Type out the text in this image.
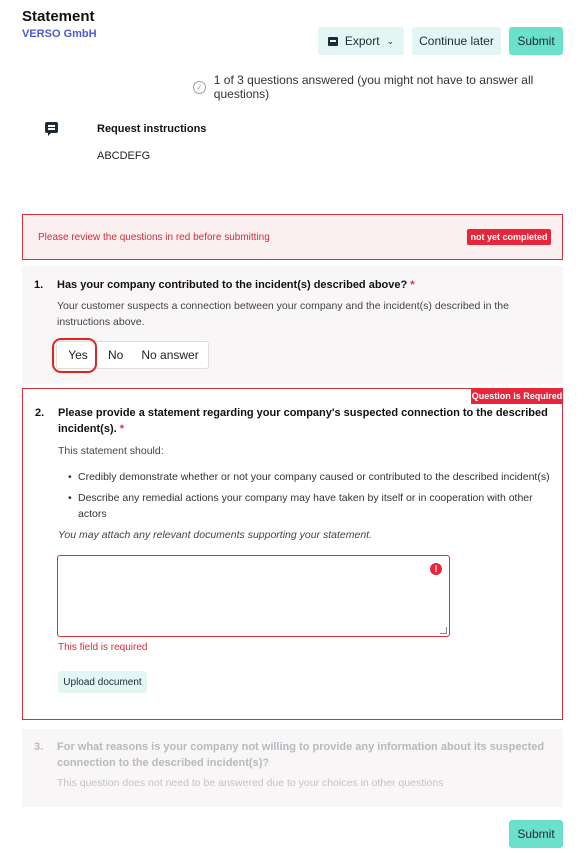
Statement
VERSO GmbH	Export ⌄	Continue later	Submit
✓ 1 of 3 questions answered (you might not have to answer all questions)
Request instructions
ABCDEFG
Please review the questions in red before submitting	not yet completed
1. Has your company contributed to the incident(s) described above? *
Your customer suspects a connection between your company and the incident(s) described in the instructions above.
Yes	No	No answer
Question is Required
2. Please provide a statement regarding your company's suspected connection to the described incident(s). *
This statement should:
• Credibly demonstrate whether or not your company caused or contributed to the described incident(s)
• Describe any remedial actions your company may have taken by itself or in cooperation with other actors
You may attach any relevant documents supporting your statement.
!
This field is required
Upload document
3. For what reasons is your company not willing to provide any information about its suspected connection to the described incident(s)?
This question does not need to be answered due to your choices in other questions
Submit
